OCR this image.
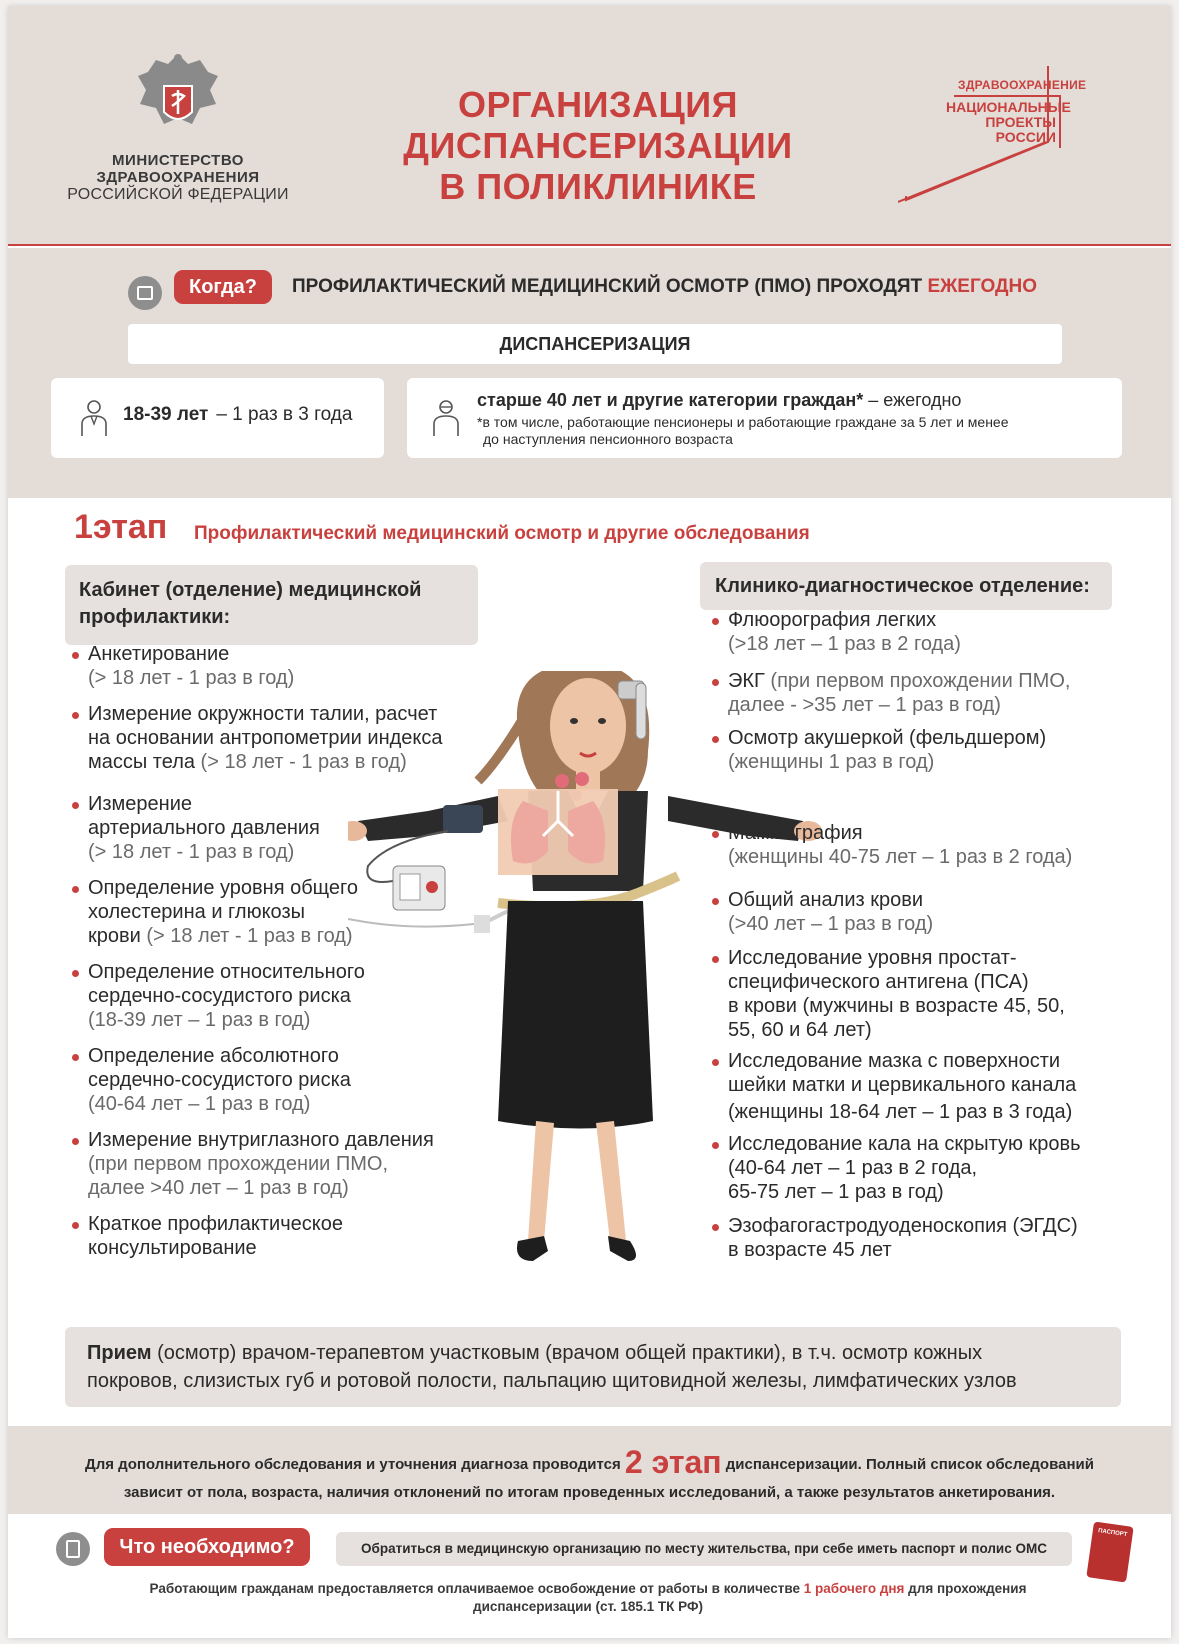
МИНИСТЕРСТВО
ЗДРАВООХРАНЕНИЯ
РОССИЙСКОЙ ФЕДЕРАЦИИ
ОРГАНИЗАЦИЯ
ДИСПАНСЕРИЗАЦИИ
В ПОЛИКЛИНИКЕ
ЗДРАВООХРАНЕНИЕ
НАЦИОНАЛЬНЫЕ
ПРОЕКТЫ
РОССИИ
Когда?	ПРОФИЛАКТИЧЕСКИЙ МЕДИЦИНСКИЙ ОСМОТР (ПМО) ПРОХОДЯТ ЕЖЕГОДНО
ДИСПАНСЕРИЗАЦИЯ
18-39 лет – 1 раз в 3 года
старше 40 лет и другие категории граждан* – ежегодно
*в том числе, работающие пенсионеры и работающие граждане за 5 лет и менее
до наступления пенсионного возраста
1этап Профилактический медицинский осмотр и другие обследования
Кабинет (отделение) медицинской
профилактики:
Клинико-диагностическое отделение:
Анкетирование
(> 18 лет - 1 раз в год)
Измерение окружности талии, расчет
на основании антропометрии индекса
массы тела (> 18 лет - 1 раз в год)
Измерение
артериального давления
(> 18 лет - 1 раз в год)
Определение уровня общего
холестерина и глюкозы
крови (> 18 лет - 1 раз в год)
Определение относительного
сердечно-сосудистого риска
(18-39 лет – 1 раз в год)
Определение абсолютного
сердечно-сосудистого риска
(40-64 лет – 1 раз в год)
Измерение внутриглазного давления
(при первом прохождении ПМО,
далее >40 лет – 1 раз в год)
Краткое профилактическое
консультирование
Флюорография легких
(>18 лет – 1 раз в 2 года)
ЭКГ (при первом прохождении ПМО,
далее - >35 лет – 1 раз в год)
Осмотр акушеркой (фельдшером)
(женщины 1 раз в год)
Маммография
(женщины 40-75 лет – 1 раз в 2 года)
Общий анализ крови
(>40 лет – 1 раз в год)
Исследование уровня простат-
специфического антигена (ПСА)
в крови (мужчины в возрасте 45, 50,
55, 60 и 64 лет)
Исследование мазка с поверхности
шейки матки и цервикального канала
(женщины 18-64 лет – 1 раз в 3 года)
Исследование кала на скрытую кровь
(40-64 лет – 1 раз в 2 года,
65-75 лет – 1 раз в год)
Эзофагогастродуоденоскопия (ЭГДС)
в возрасте 45 лет
Прием (осмотр) врачом-терапевтом участковым (врачом общей практики), в т.ч. осмотр кожных
покровов, слизистых губ и ротовой полости, пальпацию щитовидной железы, лимфатических узлов
Для дополнительного обследования и уточнения диагноза проводится 2 этап диспансеризации. Полный список обследований
зависит от пола, возраста, наличия отклонений по итогам проведенных исследований, а также результатов анкетирования.
Что необходимо?	Обратиться в медицинскую организацию по месту жительства, при себе иметь паспорт и полис ОМС
ПАСПОРТ
Работающим гражданам предоставляется оплачиваемое освобождение от работы в количестве 1 рабочего дня для прохождения
диспансеризации (ст. 185.1 ТК РФ)
